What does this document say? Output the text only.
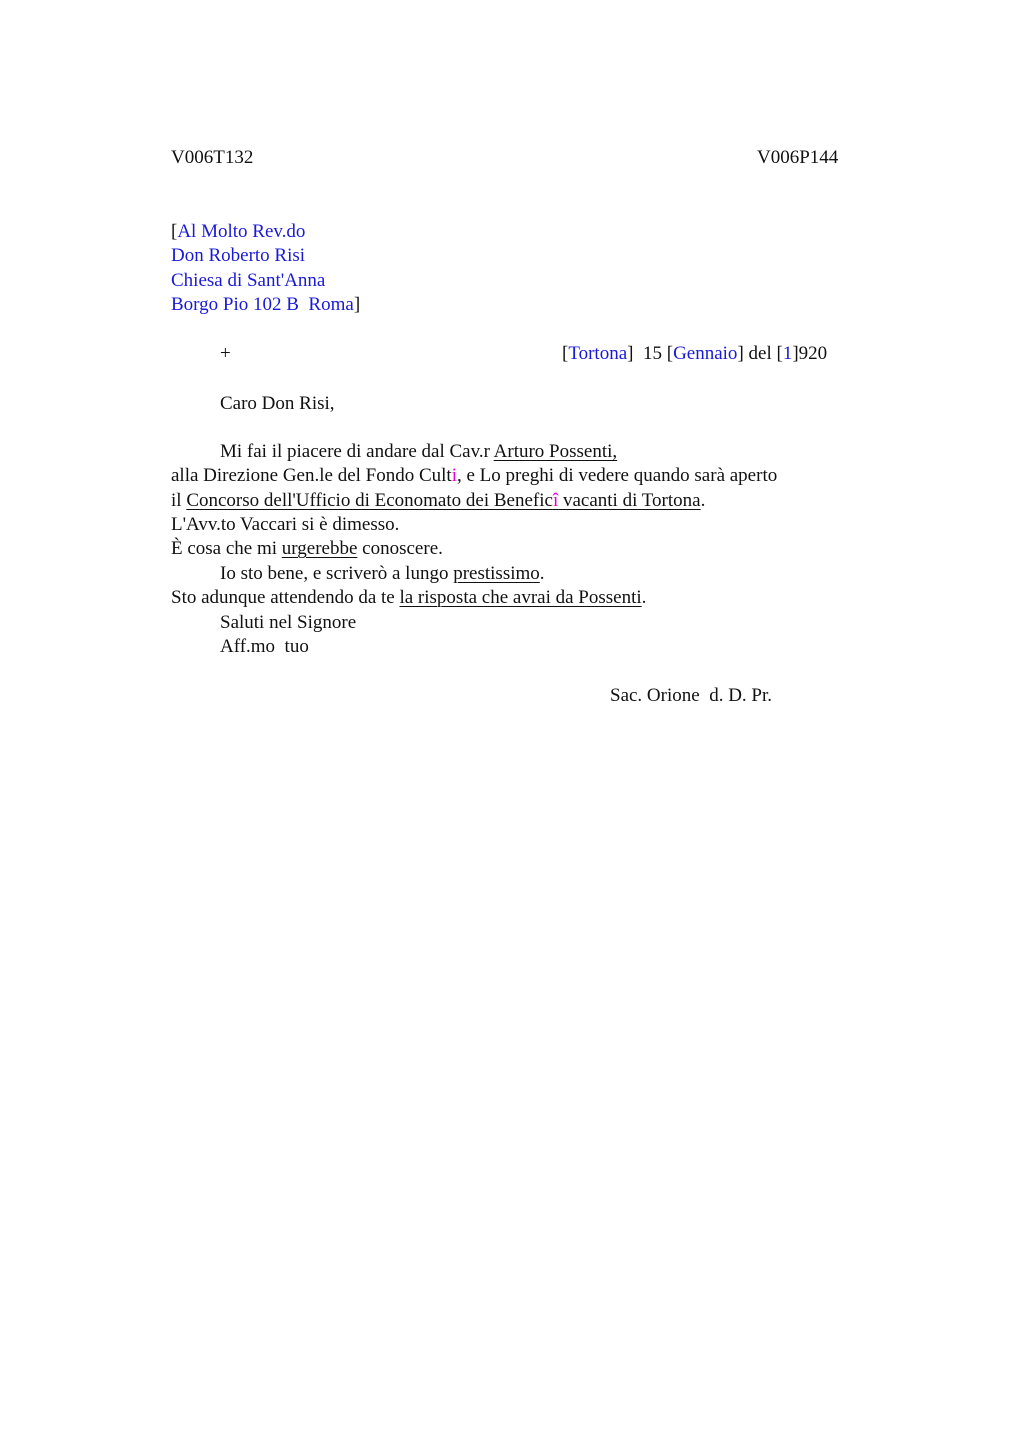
V006T132	V006P144
[Al Molto Rev.do
Don Roberto Risi
Chiesa di Sant'Anna
Borgo Pio 102 B  Roma]
+	[Tortona]  15 [Gennaio] del [1]920
Caro Don Risi,
Mi fai il piacere di andare dal Cav.r Arturo Possenti,
alla Direzione Gen.le del Fondo Culti, e Lo preghi di vedere quando sarà aperto
il Concorso dell'Ufficio di Economato dei Beneficî vacanti di Tortona.
L'Avv.to Vaccari si è dimesso.
È cosa che mi urgerebbe conoscere.
Io sto bene, e scriverò a lungo prestissimo.
Sto adunque attendendo da te la risposta che avrai da Possenti.
Saluti nel Signore
Aff.mo  tuo
Sac. Orione  d. D. Pr.
